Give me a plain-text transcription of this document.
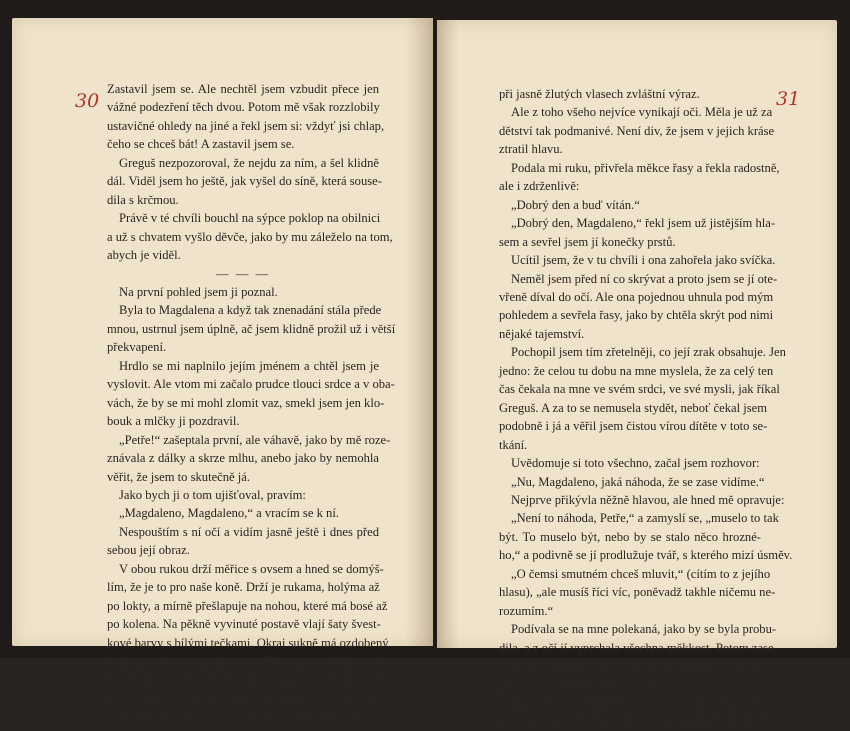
30
Zastavil jsem se. Ale nechtěl jsem vzbudit přece jen
vážné podezření těch dvou. Potom mě však rozzlobily
ustavičné ohledy na jiné a řekl jsem si: vždyť jsi chlap,
čeho se chceš bát! A zastavil jsem se.
Greguš nezpozoroval, že nejdu za ním, a šel klidně
dál. Viděl jsem ho ještě, jak vyšel do síně, která souse-
dila s krčmou.
Právě v té chvíli bouchl na sýpce poklop na obilnici
a už s chvatem vyšlo děvče, jako by mu záleželo na tom,
abych je viděl.
— — —
Na první pohled jsem ji poznal.
Byla to Magdalena a když tak znenadání stála přede
mnou, ustrnul jsem úplně, ač jsem klidně prožil už i větší
překvapení.
Hrdlo se mi naplnilo jejím jménem a chtěl jsem je
vyslovit. Ale vtom mi začalo prudce tlouci srdce a v oba-
vách, že by se mi mohl zlomit vaz, smekl jsem jen klo-
bouk a mlčky ji pozdravil.
„Petře!“ zašeptala první, ale váhavě, jako by mě roze-
znávala z dálky a skrze mlhu, anebo jako by nemohla
věřit, že jsem to skutečně já.
Jako bych ji o tom ujišťoval, pravím:
„Magdaleno, Magdaleno,“ a vracím se k ní.
Nespouštím s ní očí a vidím jasně ještě i dnes před
sebou její obraz.
V obou rukou drží měřice s ovsem a hned se domýš-
lím, že je to pro naše koně. Drží je rukama, holýma až
po lokty, a mírně přešlapuje na nohou, které má bosé až
po kolena. Na pěkně vyvinuté postavě vlají šaty švest-
kové barvy s bílými tečkami. Okraj sukně má ozdobený
širokou stuhou pestrých barev. Přes prsa má křížem pře-
vázán bílý tylový šátek. Všímám si, že barvu jejích šatů
má i předvečerní nebe a její oči. Nad očima se klene
pravidelný tmavý oblouk obočí, který vnucuje její tváři
31
při jasně žlutých vlasech zvláštní výraz.
Ale z toho všeho nejvíce vynikají oči. Měla je už za
dětství tak podmanivé. Není div, že jsem v jejich kráse
ztratil hlavu.
Podala mi ruku, přivřela měkce řasy a řekla radostně,
ale i zdrženlivě:
„Dobrý den a buď vítán.“
„Dobrý den, Magdaleno,“ řekl jsem už jistějším hla-
sem a sevřel jsem jí konečky prstů.
Ucítil jsem, že v tu chvíli i ona zahořela jako svíčka.
Neměl jsem před ní co skrývat a proto jsem se jí ote-
vřeně díval do očí. Ale ona pojednou uhnula pod mým
pohledem a sevřela řasy, jako by chtěla skrýt pod nimi
nějaké tajemství.
Pochopil jsem tím zřetelněji, co její zrak obsahuje. Jen
jedno: že celou tu dobu na mne myslela, že za celý ten
čas čekala na mne ve svém srdci, ve své mysli, jak říkal
Greguš. A za to se nemusela stydět, neboť čekal jsem
podobně i já a věřil jsem čistou vírou dítěte v toto se-
tkání.
Uvědomuje si toto všechno, začal jsem rozhovor:
„Nu, Magdaleno, jaká náhoda, že se zase vidíme.“
Nejprve přikývla něžně hlavou, ale hned mě opravuje:
„Není to náhoda, Petře,“ a zamyslí se, „muselo to tak
být. To muselo být, nebo by se stalo něco hrozné-
ho,“ a podivně se jí prodlužuje tvář, s kterého mizí úsměv.
„O čemsi smutném chceš mluvit,“ (cítím to z jejího
hlasu), „ale musíš říci víc, poněvadž takhle ničemu ne-
rozumím.“
Podívala se na mne polekaná, jako by se byla probu-
dila, a z očí jí vyprchala všechna měkkost. Potom zase,
jako by se vzpamatovala a chtěla vyslovené odvolat, po-
koušela se mě přesvědčit o opaku.
„Vlastně nic, Petře,“ zamlouvá a násilně se usmívá,
„šla jsem jen dát koním ovsa, bratranec Jožko mi to po-
